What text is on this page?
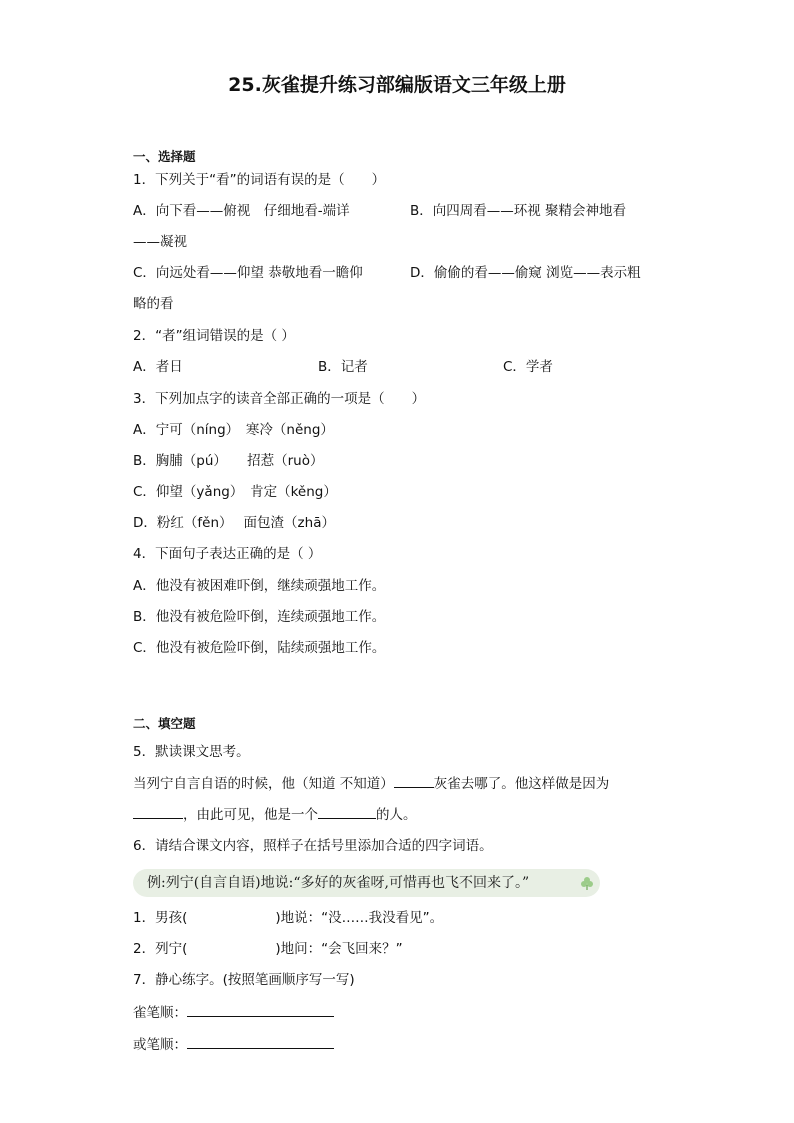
25.灰雀提升练习部编版语文三年级上册
一、选择题
1．下列关于“看”的词语有误的是（　　）
A．向下看——俯视　仔细地看-端详	B．向四周看——环视 聚精会神地看
——凝视
C．向远处看——仰望 恭敬地看一瞻仰	D．偷偷的看——偷窥 浏览——表示粗
略的看
2．“者”组词错误的是（ ）
A．者日	B．记者	C．学者
3．下列加点字的读音全部正确的一项是（　　）
A．宁可（níng）　寒冷（něng）
B．胸脯（pú）　　招惹（ruò）
C．仰望（yǎng）　肯定（kěng）
D．粉红（fěn）　 面包渣（zhā）
4．下面句子表达正确的是（ ）
A．他没有被困难吓倒，继续顽强地工作。
B．他没有被危险吓倒，连续顽强地工作。
C．他没有被危险吓倒，陆续顽强地工作。
二、填空题
5．默读课文思考。
当列宁自言自语的时候，他（知道 不知道）	灰雀去哪了。他这样做是因为
，由此可见，他是一个	的人。
6．请结合课文内容，照样子在括号里添加合适的四字词语。
例:列宁(自言自语)地说:“多好的灰雀呀,可惜再也飞不回来了。”
1．男孩(	)地说：“没……我没看见”。
2．列宁(	)地问：“会飞回来？”
7．静心练字。(按照笔画顺序写一写)
雀笔顺：
或笔顺：
